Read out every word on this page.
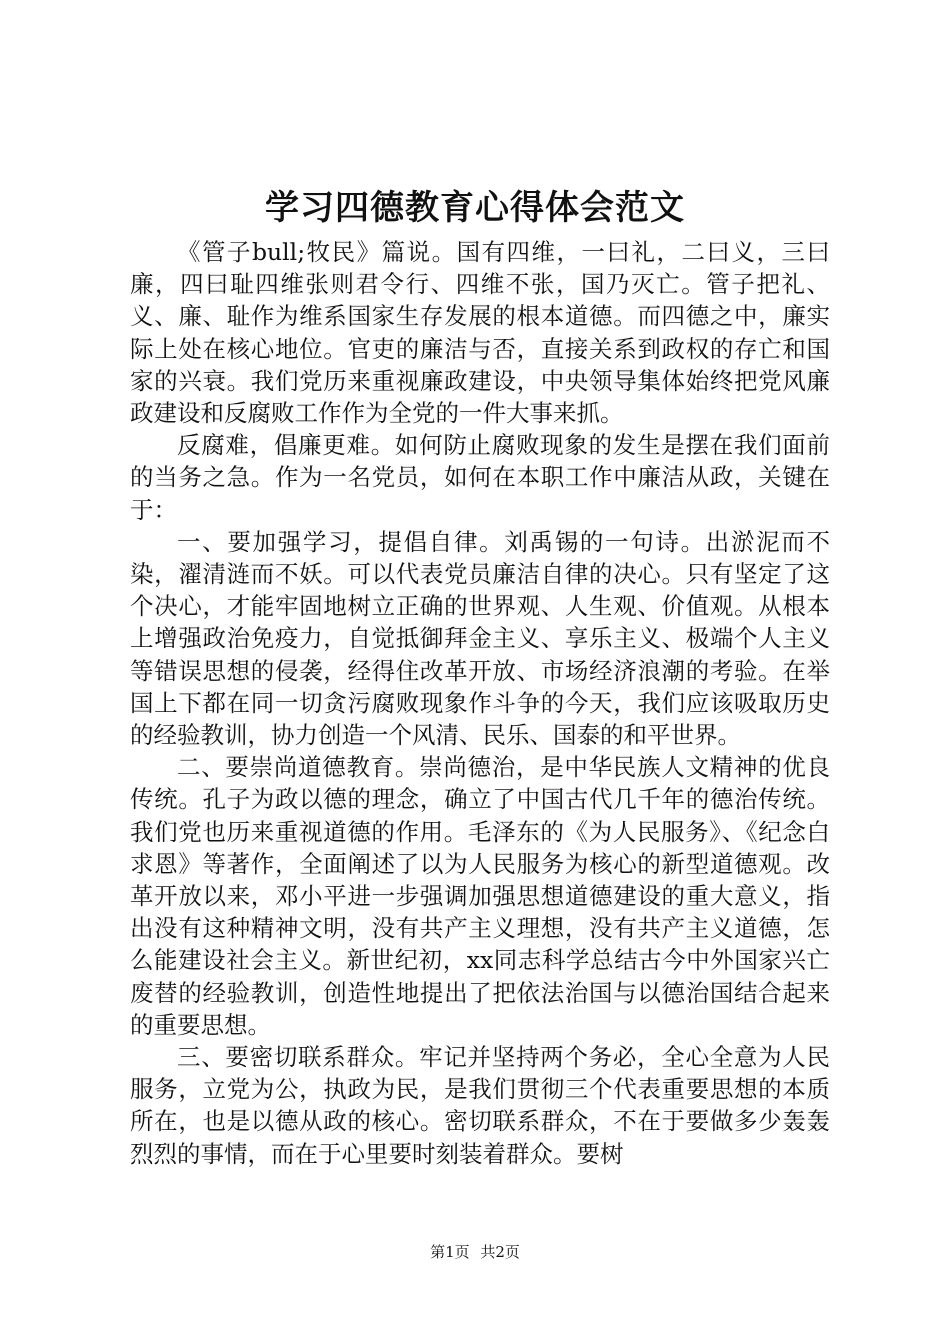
学习四德教育心得体会范文

《管子bull;牧民》篇说。国有四维，一曰礼，二曰义，三曰廉，四曰耻四维张则君令行、四维不张，国乃灭亡。管子把礼、义、廉、耻作为维系国家生存发展的根本道德。而四德之中，廉实际上处在核心地位。官吏的廉洁与否，直接关系到政权的存亡和国家的兴衰。我们党历来重视廉政建设，中央领导集体始终把党风廉政建设和反腐败工作作为全党的一件大事来抓。

反腐难，倡廉更难。如何防止腐败现象的发生是摆在我们面前的当务之急。作为一名党员，如何在本职工作中廉洁从政，关键在于：

一、要加强学习，提倡自律。刘禹锡的一句诗。出淤泥而不染，濯清涟而不妖。可以代表党员廉洁自律的决心。只有坚定了这个决心，才能牢固地树立正确的世界观、人生观、价值观。从根本上增强政治免疫力，自觉抵御拜金主义、享乐主义、极端个人主义等错误思想的侵袭，经得住改革开放、市场经济浪潮的考验。在举国上下都在同一切贪污腐败现象作斗争的今天，我们应该吸取历史的经验教训，协力创造一个风清、民乐、国泰的和平世界。

二、要崇尚道德教育。崇尚德治，是中华民族人文精神的优良传统。孔子为政以德的理念，确立了中国古代几千年的德治传统。我们党也历来重视道德的作用。毛泽东的《为人民服务》、《纪念白求恩》等著作，全面阐述了以为人民服务为核心的新型道德观。改革开放以来，邓小平进一步强调加强思想道德建设的重大意义，指出没有这种精神文明，没有共产主义理想，没有共产主义道德，怎么能建设社会主义。新世纪初，xx同志科学总结古今中外国家兴亡废替的经验教训，创造性地提出了把依法治国与以德治国结合起来的重要思想。

三、要密切联系群众。牢记并坚持两个务必，全心全意为人民服务，立党为公，执政为民，是我们贯彻三个代表重要思想的本质所在，也是以德从政的核心。密切联系群众，不在于要做多少轰轰烈烈的事情，而在于心里要时刻装着群众。要树

第1页 共2页
